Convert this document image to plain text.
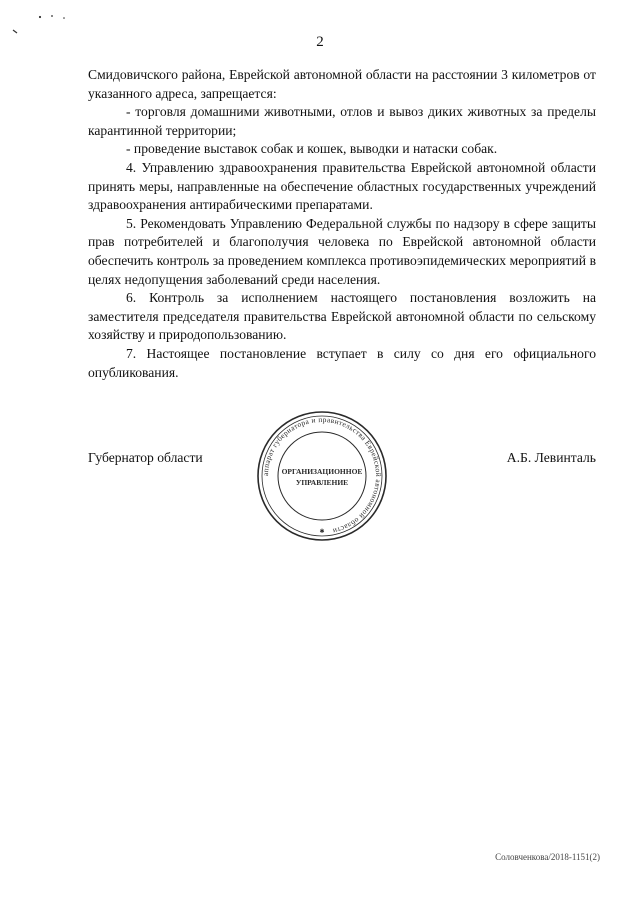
2

Смидовичского района, Еврейской автономной области на расстоянии 3 километров от указанного адреса, запрещается:

- торговля домашними животными, отлов и вывоз диких животных за пределы карантинной территории;

- проведение выставок собак и кошек, выводки и натаски собак.

4. Управлению здравоохранения правительства Еврейской автономной области принять меры, направленные на обеспечение областных государственных учреждений здравоохранения антирабическими препаратами.

5. Рекомендовать Управлению Федеральной службы по надзору в сфере защиты прав потребителей и благополучия человека по Еврейской автономной области обеспечить контроль за проведением комплекса противоэпидемических мероприятий в целях недопущения заболеваний среди населения.

6. Контроль за исполнением настоящего постановления возложить на заместителя председателя правительства Еврейской автономной области по сельскому хозяйству и природопользованию.

7. Настоящее постановление вступает в силу со дня его официального опубликования.

Губернатор области	А.Б. Левинталь
аппарат губернатора и правительства Еврейской автономной области
ОРГАНИЗАЦИОННОЕ
УПРАВЛЕНИЕ
✱
Соловченкова/2018-1151(2)
